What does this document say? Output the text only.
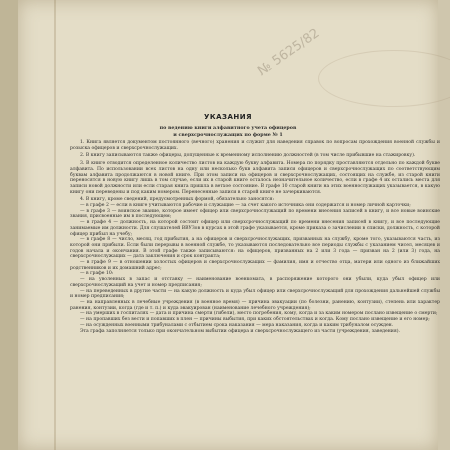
№ 5625/82
УКАЗАНИЯ
по ведению книги алфавитного учета офицеров
и сверхсрочнослужащих по форме № 1

1. Книга является документом постоянного (вечного) хранения и служит для наведения справок по вопросам прохождения военной службы и розыска офицеров и сверхсрочнослужащих.

2. В книгу записываются также офицеры, допущенные к временному исполнению должностей (в том числе прибывшие на стажировку).

3. В книге отводится определенное количество листов на каждую букву алфавита. Номера по порядку проставляются отдельно по каждой букве алфавита. По использовании всех листов на одну или несколько букв алфавита записи офицеров и сверхсрочнослужащих по соответствующим буквам алфавита продолжаются в новой книге. При этом записи на офицеров и сверхсрочнослужащих, состоящих на службе, из старой книги переносятся в новую книгу лишь в том случае, если их в старой книге осталось незначительное количество, если в графе 4 их остались места для записи новой должности или если старая книга пришла в ветхое состояние. В графе 10 старой книги на этих военнослужащих указывается, в какую книгу они переведены и под каким номером. Перенесенные записи в старой книге не зачеркиваются.

4. В книгу, кроме сведений, предусмотренных формой, обязательно заносятся:

— в графе 2 — если в книге учитываются рабочие и служащие — за счет какого источника они содержатся и номер личной карточки;

— в графе 3 — воинское звание, которое имеет офицер или сверхсрочнослужащий по времени внесения записей в книгу, и все новые воинские звания, присвоенные им в последующем;

— в графе 4 — должность, на которой состоит офицер или сверхсрочнослужащий по времени внесения записей в книгу, и все последующие занимаемые им должности. Для слушателей ВВУЗов в курсах в этой графе указывается, кроме приказа о зачислении в списки, должность, с которой офицер прибыл на учебу;

— в графе 8 — число, месяц, год прибытия, а на офицеров и сверхсрочнослужащих, призванных на службу, кроме того, указываются часть, из которой они прибыли. Если были перерывы в военной службе, то указываются последовательно все периоды службы с указанием чисел, месяцев и годов начала и окончания. В этой графе также записываются: на офицеров, призванных на 2 или 3 года — призван на 2 (или 3) года, на сверхсрочнослужащих — дата заключения и срок контракта;

— в графе 9 — в отношении холостых офицеров и сверхсрочнослужащих — фамилия, имя и отчество отца, матери или одного из ближайших родственников и их домашний адрес;

— в графе 10:

— на уволенных в запас и отставку — наименование военкомата, в распоряжение которого они убыли, куда убыл офицер или сверхсрочнослужащий на учет и номер предписания;

— на переведенных в другие части — на какую должность и куда убыл офицер или сверхсрочнослужащий для прохождения дальнейшей службы и номер предписания;

— на направленных в лечебные учреждения (в военное время) — причина эвакуации (по болезни, ранению, контузии), степень или характер ранения, контузии, когда (где и т. п.) и куда эвакуирован (наименование лечебного учреждения);

— на умерших в госпиталях — дата и причина смерти (гибели), место погребения, кому, когда и за каким номером послано извещение о смерти;

— на пропавших без вести и попавших в плен — причины выбытия, при каких обстоятельствах и когда. Кому послано извещение и его номер;

— на осужденных военными трибуналами с отбытием срока наказания — мера наказания, когда и каким трибуналом осужден.

Эта графа заполняется только при окончательном выбытии офицера и сверхсрочнослужащего из части (учреждения, заведения).
